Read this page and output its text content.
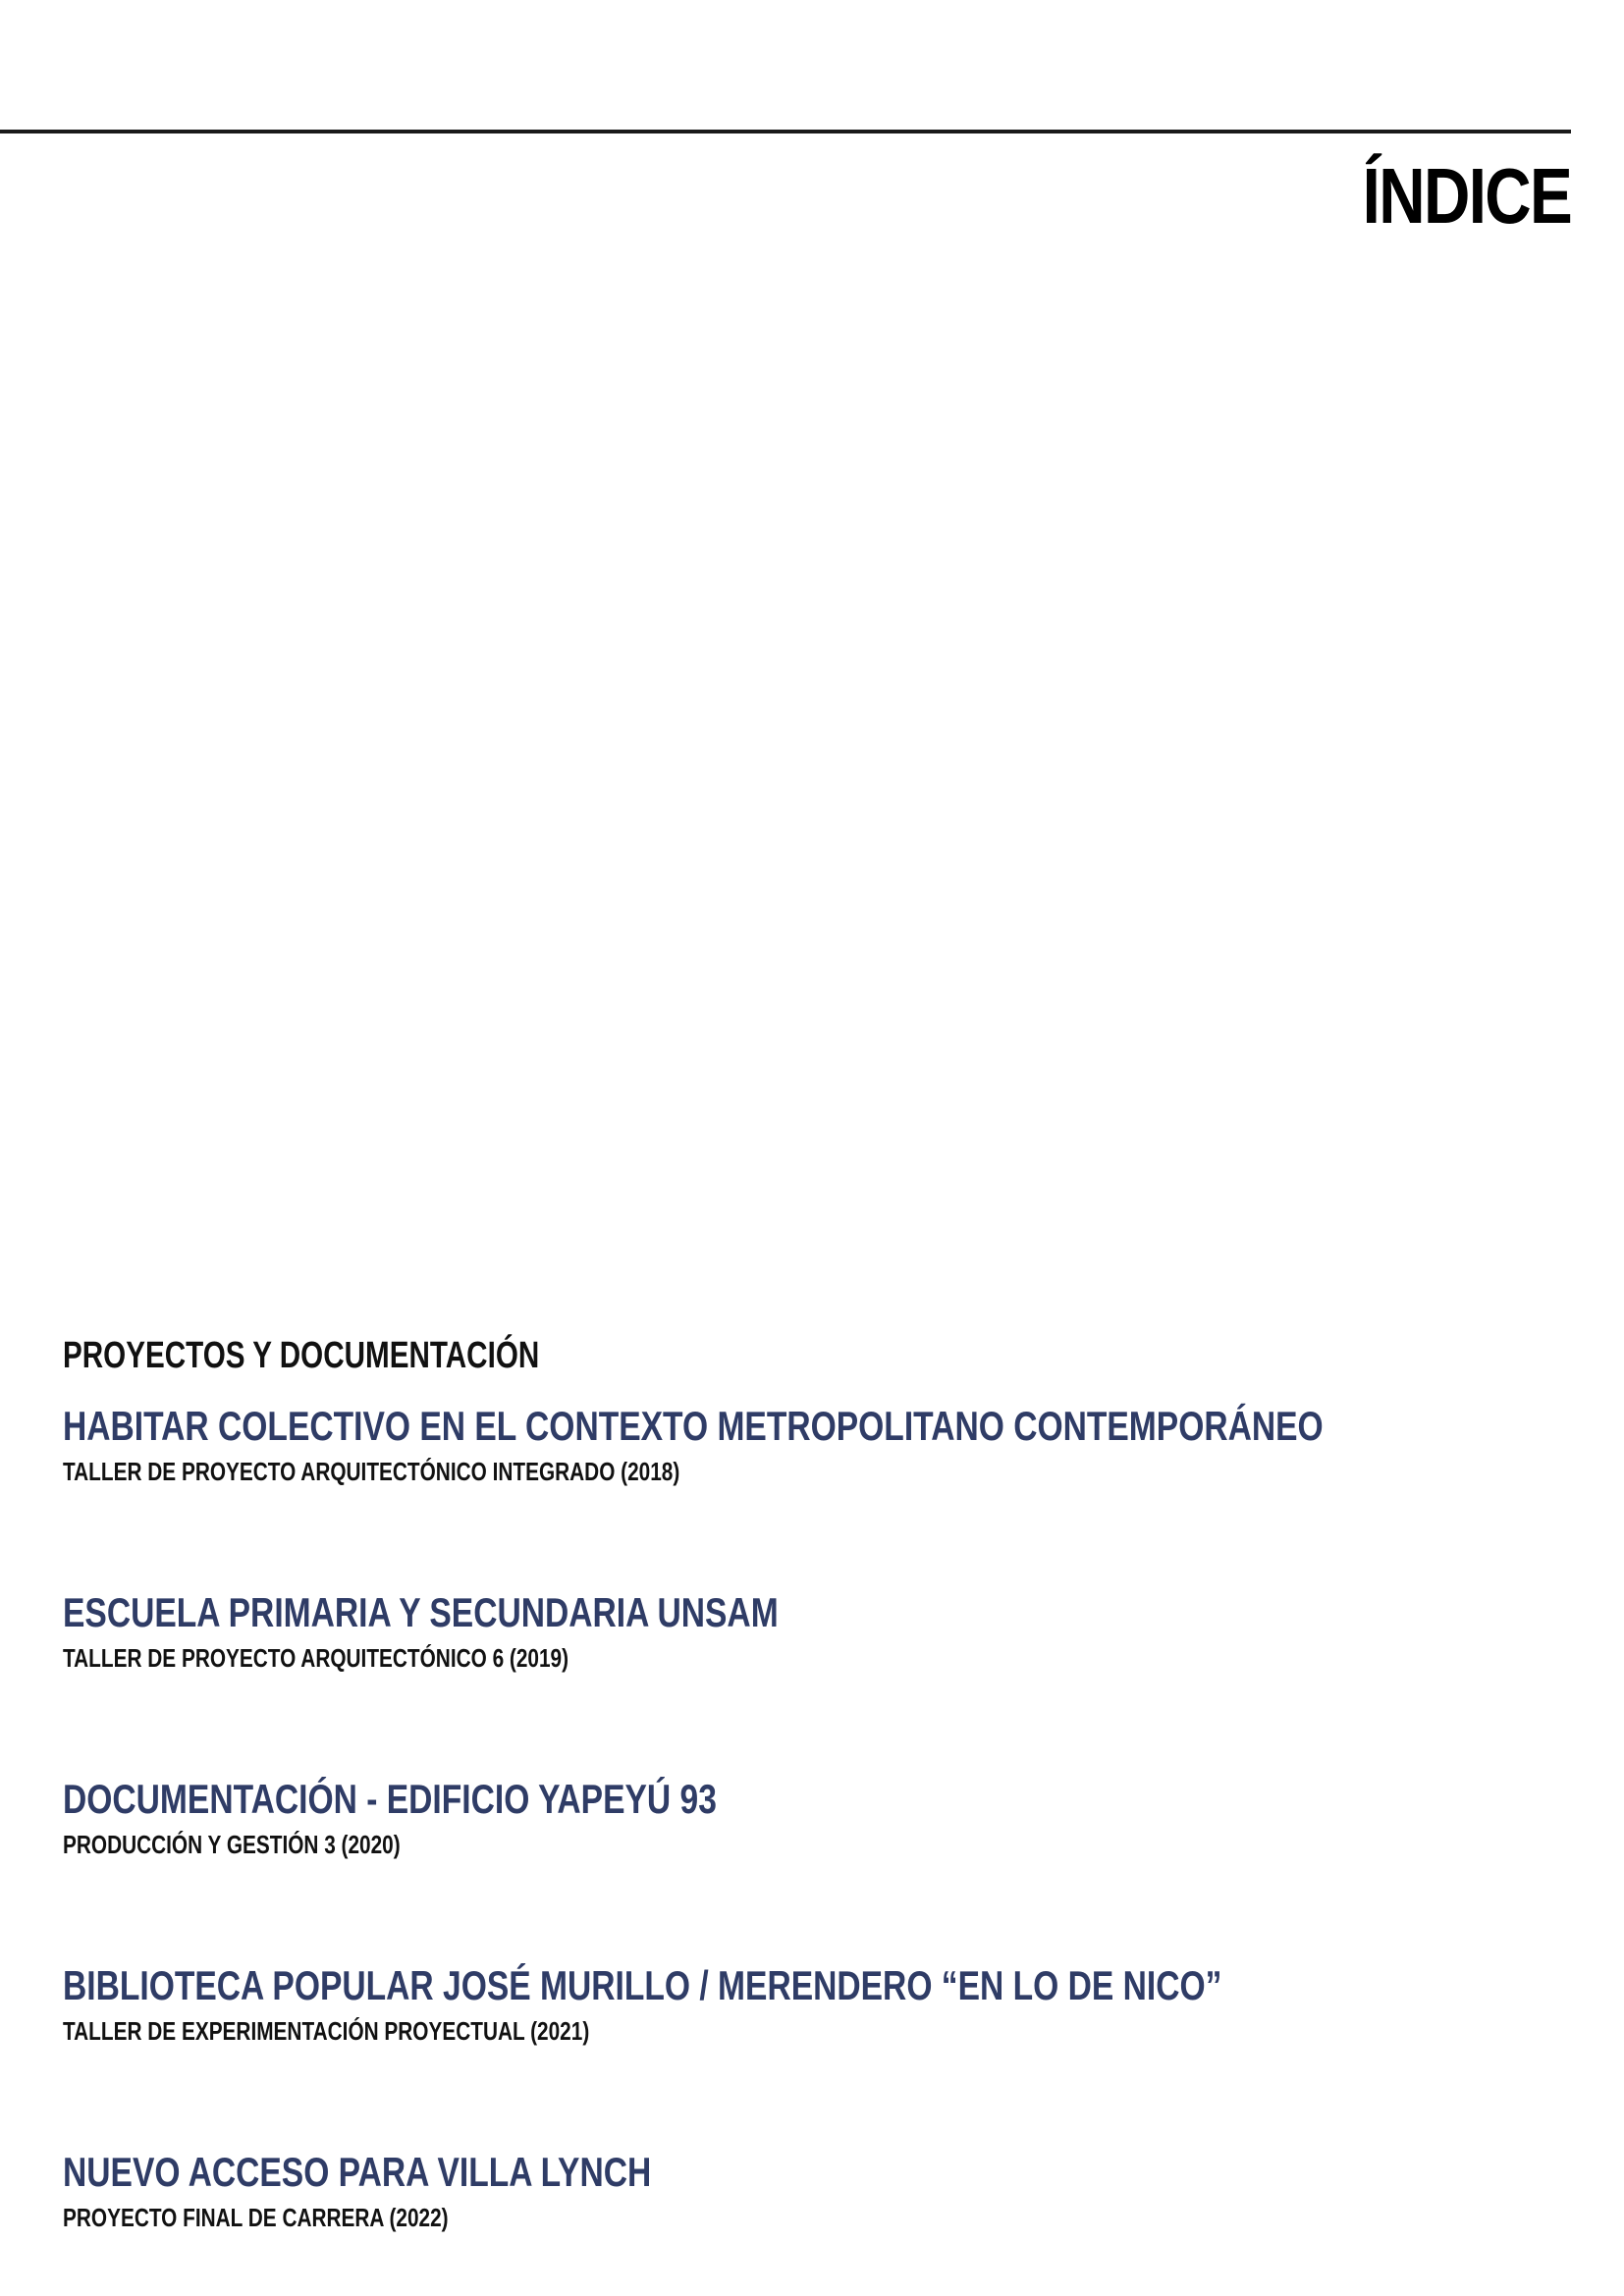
ÍNDICE
PROYECTOS Y DOCUMENTACIÓN
HABITAR COLECTIVO EN EL CONTEXTO METROPOLITANO CONTEMPORÁNEO
TALLER DE PROYECTO ARQUITECTÓNICO INTEGRADO (2018)
ESCUELA PRIMARIA Y SECUNDARIA UNSAM
TALLER DE PROYECTO ARQUITECTÓNICO 6 (2019)
DOCUMENTACIÓN - EDIFICIO YAPEYÚ 93
PRODUCCIÓN Y GESTIÓN 3 (2020)
BIBLIOTECA POPULAR JOSÉ MURILLO / MERENDERO “EN LO DE NICO”
TALLER DE EXPERIMENTACIÓN PROYECTUAL (2021)
NUEVO ACCESO PARA VILLA LYNCH
PROYECTO FINAL DE CARRERA (2022)
